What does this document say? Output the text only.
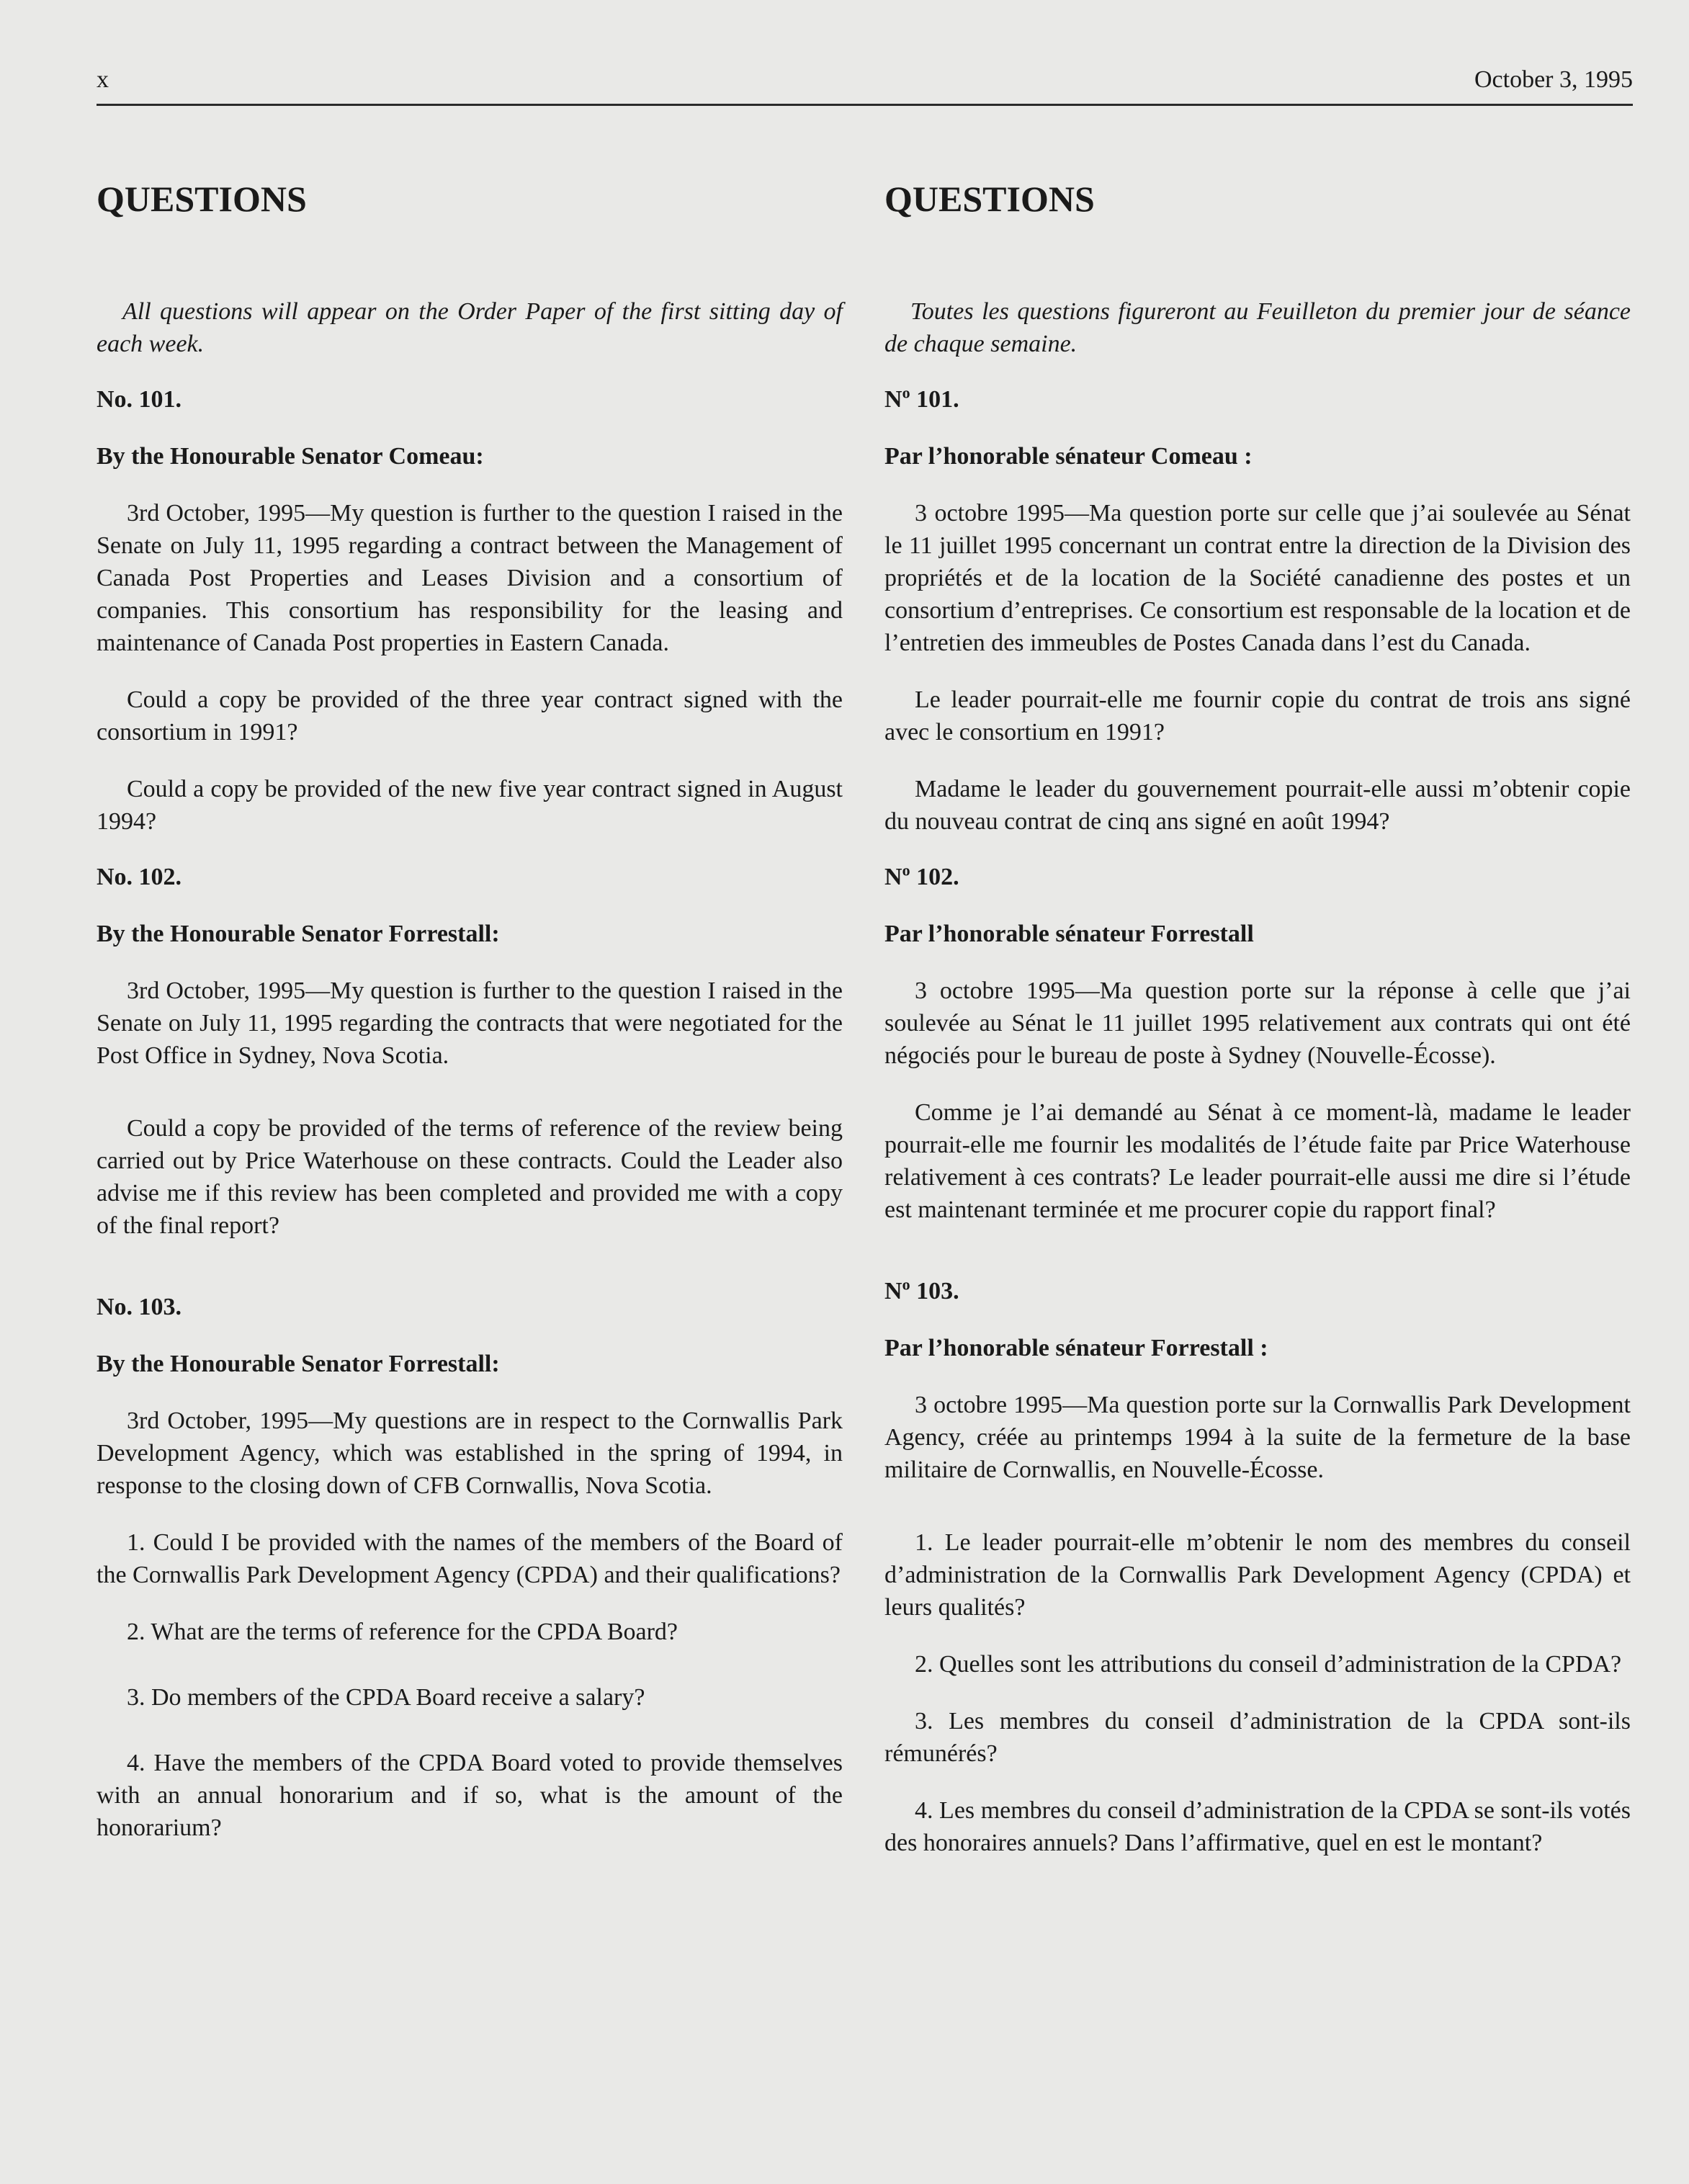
x	October 3, 1995
QUESTIONS

All questions will appear on the Order Paper of the first sitting day of each week.

No. 101.

By the Honourable Senator Comeau:

3rd October, 1995—My question is further to the question I raised in the Senate on July 11, 1995 regarding a contract between the Management of Canada Post Properties and Leases Division and a consortium of companies. This consortium has responsibility for the leasing and maintenance of Canada Post properties in Eastern Canada.

Could a copy be provided of the three year contract signed with the consortium in 1991?

Could a copy be provided of the new five year contract signed in August 1994?

No. 102.

By the Honourable Senator Forrestall:

3rd October, 1995—My question is further to the question I raised in the Senate on July 11, 1995 regarding the contracts that were negotiated for the Post Office in Sydney, Nova Scotia.

Could a copy be provided of the terms of reference of the review being carried out by Price Waterhouse on these contracts. Could the Leader also advise me if this review has been completed and provided me with a copy of the final report?

No. 103.

By the Honourable Senator Forrestall:

3rd October, 1995—My questions are in respect to the Cornwallis Park Development Agency, which was established in the spring of 1994, in response to the closing down of CFB Cornwallis, Nova Scotia.

1. Could I be provided with the names of the members of the Board of the Cornwallis Park Development Agency (CPDA) and their qualifications?

2. What are the terms of reference for the CPDA Board?

3. Do members of the CPDA Board receive a salary?

4. Have the members of the CPDA Board voted to provide themselves with an annual honorarium and if so, what is the amount of the honorarium?

QUESTIONS

Toutes les questions figureront au Feuilleton du premier jour de séance de chaque semaine.

$N^o$ 101.

Par l’honorable sénateur Comeau :

3 octobre 1995—Ma question porte sur celle que j’ai soulevée au Sénat le 11 juillet 1995 concernant un contrat entre la direction de la Division des propriétés et de la location de la Société canadienne des postes et un consortium d’entreprises. Ce consortium est responsable de la location et de l’entretien des immeubles de Postes Canada dans l’est du Canada.

Le leader pourrait-elle me fournir copie du contrat de trois ans signé avec le consortium en 1991?

Madame le leader du gouvernement pourrait-elle aussi m’obtenir copie du nouveau contrat de cinq ans signé en août 1994?

$N^o$ 102.

Par l’honorable sénateur Forrestall

3 octobre 1995—Ma question porte sur la réponse à celle que j’ai soulevée au Sénat le 11 juillet 1995 relativement aux contrats qui ont été négociés pour le bureau de poste à Sydney (Nouvelle-Écosse).

Comme je l’ai demandé au Sénat à ce moment-là, madame le leader pourrait-elle me fournir les modalités de l’étude faite par Price Waterhouse relativement à ces contrats? Le leader pourrait-elle aussi me dire si l’étude est maintenant terminée et me procurer copie du rapport final?

$N^o$ 103.

Par l’honorable sénateur Forrestall :

3 octobre 1995—Ma question porte sur la Cornwallis Park Development Agency, créée au printemps 1994 à la suite de la fermeture de la base militaire de Cornwallis, en Nouvelle-Écosse.

1. Le leader pourrait-elle m’obtenir le nom des membres du conseil d’administration de la Cornwallis Park Development Agency (CPDA) et leurs qualités?

2. Quelles sont les attributions du conseil d’administration de la CPDA?

3. Les membres du conseil d’administration de la CPDA sont-ils rémunérés?

4. Les membres du conseil d’administration de la CPDA se sont-ils votés des honoraires annuels? Dans l’affirmative, quel en est le montant?
